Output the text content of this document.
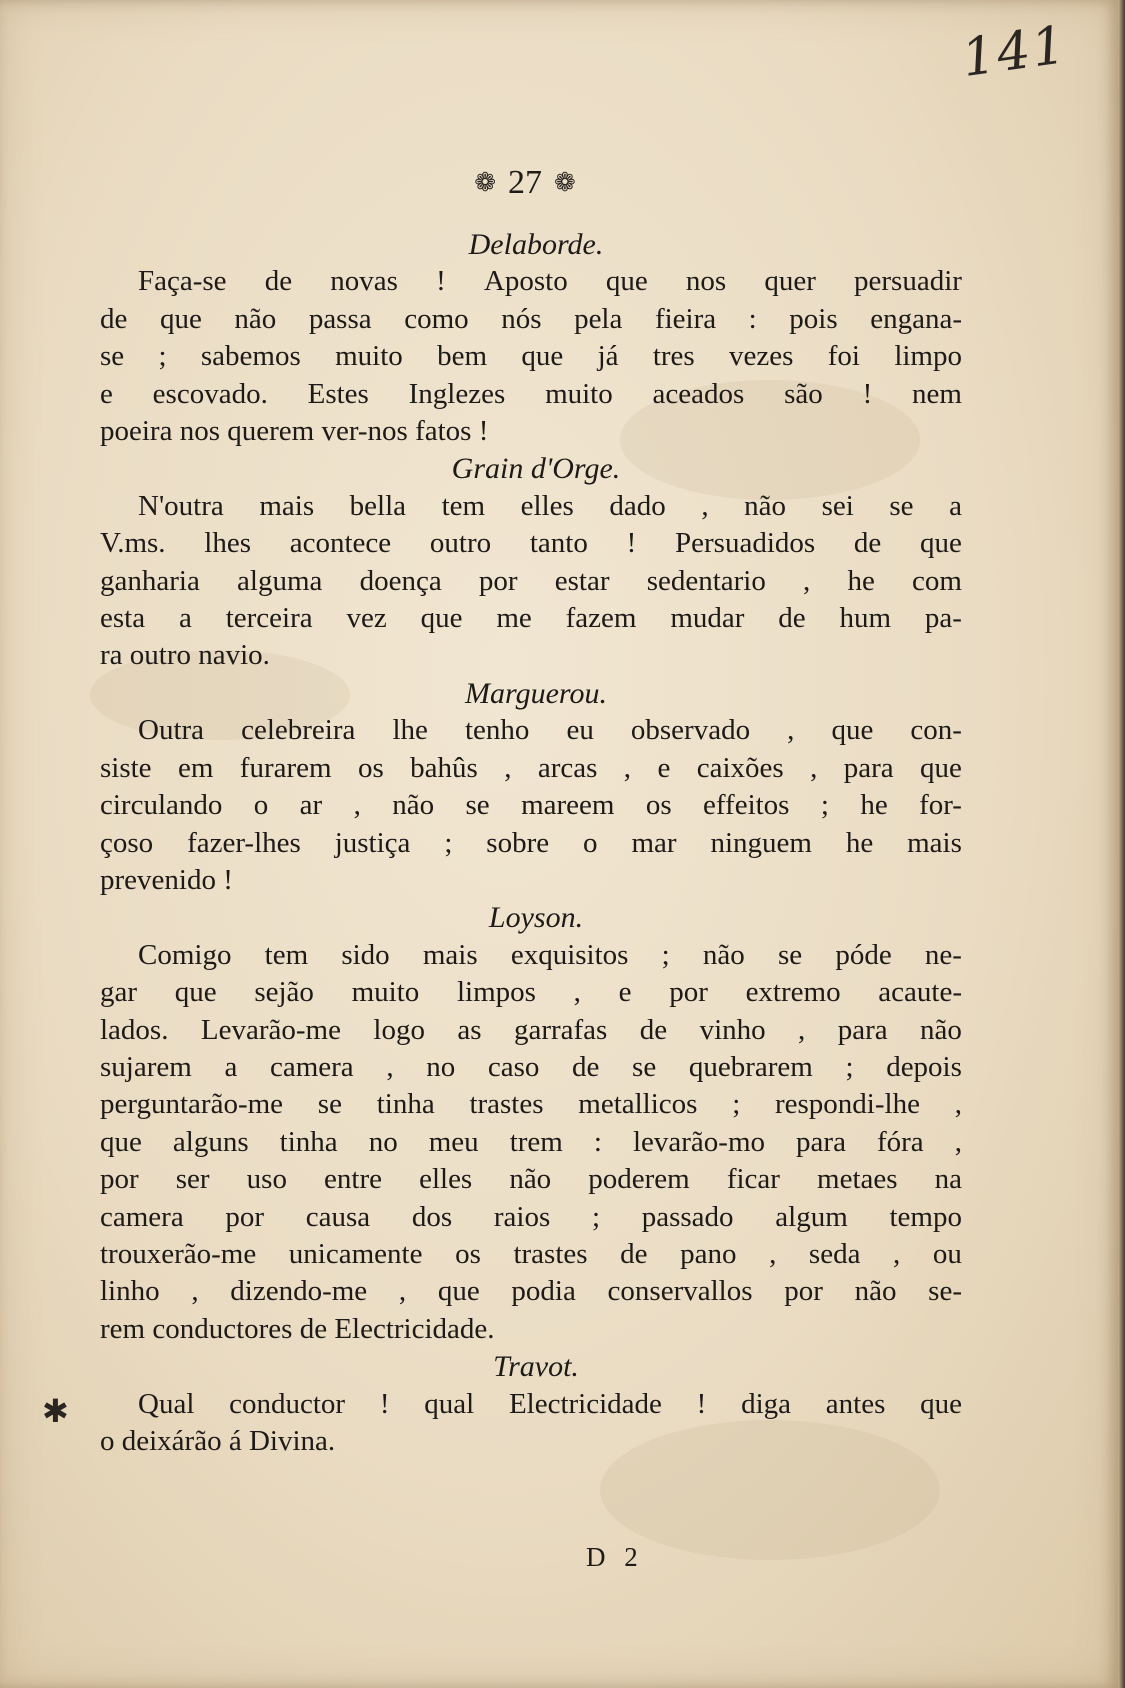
141
❁ 27 ❁
Delaborde.
Faça-se de novas ! Aposto que nos quer persuadir
de que não passa como nós pela fieira : pois engana-
se ; sabemos muito bem que já tres vezes foi limpo
e escovado. Estes Inglezes muito aceados são ! nem
poeira nos querem ver-nos fatos !
Grain d'Orge.
N'outra mais bella tem elles dado , não sei se a
V.ms. lhes acontece outro tanto ! Persuadidos de que
ganharia alguma doença por estar sedentario , he com
esta a terceira vez que me fazem mudar de hum pa-
ra outro navio.
Marguerou.
Outra celebreira lhe tenho eu observado , que con-
siste em furarem os bahûs , arcas , e caixões , para que
circulando o ar , não se mareem os effeitos ; he for-
çoso fazer-lhes justiça ; sobre o mar ninguem he mais
prevenido !
Loyson.
Comigo tem sido mais exquisitos ; não se póde ne-
gar que sejão muito limpos , e por extremo acaute-
lados. Levarão-me logo as garrafas de vinho , para não
sujarem a camera , no caso de se quebrarem ; depois
perguntarão-me se tinha trastes metallicos ; respondi-lhe ,
que alguns tinha no meu trem : levarão-mo para fóra ,
por ser uso entre elles não poderem ficar metaes na
camera por causa dos raios ; passado algum tempo
trouxerão-me unicamente os trastes de pano , seda , ou
linho , dizendo-me , que podia conservallos por não se-
rem conductores de Electricidade.
Travot.
Qual conductor ! qual Electricidade ! diga antes que
o deixárão á Divina.
✱
D 2
